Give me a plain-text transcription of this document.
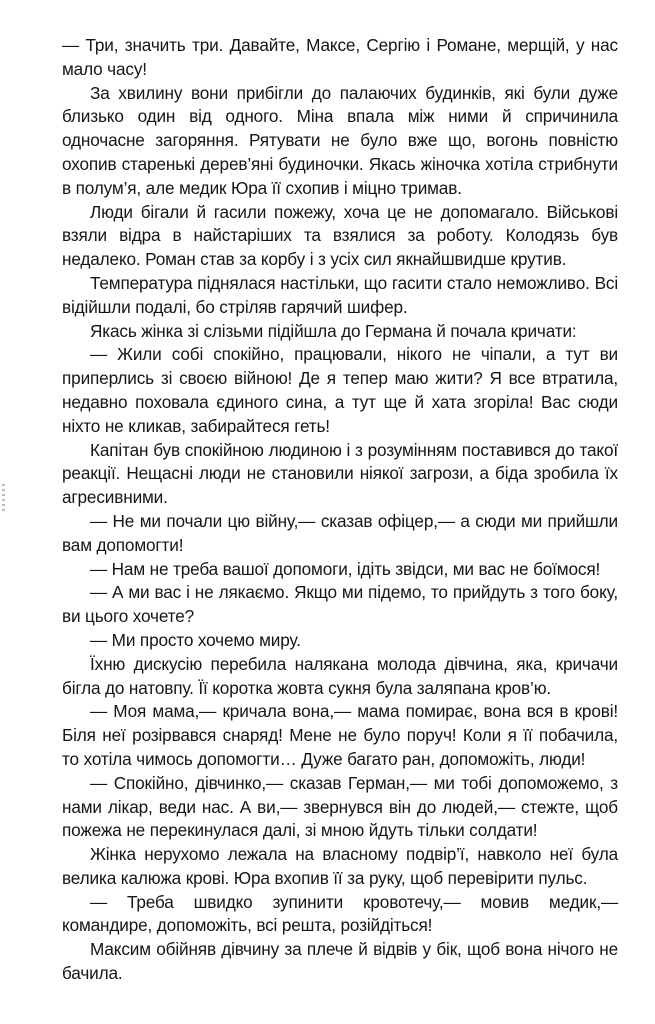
— Три, значить три. Давайте, Максе, Сергію і Романе, мерщій, у нас мало часу!

За хвилину вони прибігли до палаючих будинків, які були дуже близько один від одного. Міна впала між ними й спричинила одночасне загоряння. Рятувати не було вже що, вогонь повністю охопив старенькі дерев’яні будиночки. Якась жіночка хотіла стрибнути в полум’я, але медик Юра її схопив і міцно тримав.

Люди бігали й гасили пожежу, хоча це не допомагало. Військові взяли відра в найстаріших та взялися за роботу. Колодязь був недалеко. Роман став за корбу і з усіх сил якнайшвидше крутив.

Температура піднялася настільки, що гасити стало неможливо. Всі відійшли подалі, бо стріляв гарячий шифер.

Якась жінка зі слізьми підійшла до Германа й почала кричати:

— Жили собі спокійно, працювали, нікого не чіпали, а тут ви приперлись зі своєю війною! Де я тепер маю жити? Я все втратила, недавно поховала єдиного сина, а тут ще й хата згоріла! Вас сюди ніхто не кликав, забирайтеся геть!

Капітан був спокійною людиною і з розумінням поставився до такої реакції. Нещасні люди не становили ніякої загрози, а біда зробила їх агресивними.

— Не ми почали цю війну,— сказав офіцер,— а сюди ми прийшли вам допомогти!

— Нам не треба вашої допомоги, ідіть звідси, ми вас не боїмося!

— А ми вас і не лякаємо. Якщо ми підемо, то прийдуть з того боку, ви цього хочете?

— Ми просто хочемо миру.

Їхню дискусію перебила налякана молода дівчина, яка, кричачи бігла до натовпу. Її коротка жовта сукня була заляпана кров’ю.

— Моя мама,— кричала вона,— мама помирає, вона вся в крові! Біля неї розірвався снаряд! Мене не було поруч! Коли я її побачила, то хотіла чимось допомогти… Дуже багато ран, допоможіть, люди!

— Спокійно, дівчинко,— сказав Герман,— ми тобі допоможемо, з нами лікар, веди нас. А ви,— звернувся він до людей,— стежте, щоб пожежа не перекинулася далі, зі мною йдуть тільки солдати!

Жінка нерухомо лежала на власному подвір’ї, навколо неї була велика калюжа крові. Юра вхопив її за руку, щоб перевірити пульс.

— Треба швидко зупинити кровотечу,— мовив медик,— командире, допоможіть, всі решта, розійдіться!

Максим обійняв дівчину за плечe й відвів у бік, щоб вона нічого не бачила.
